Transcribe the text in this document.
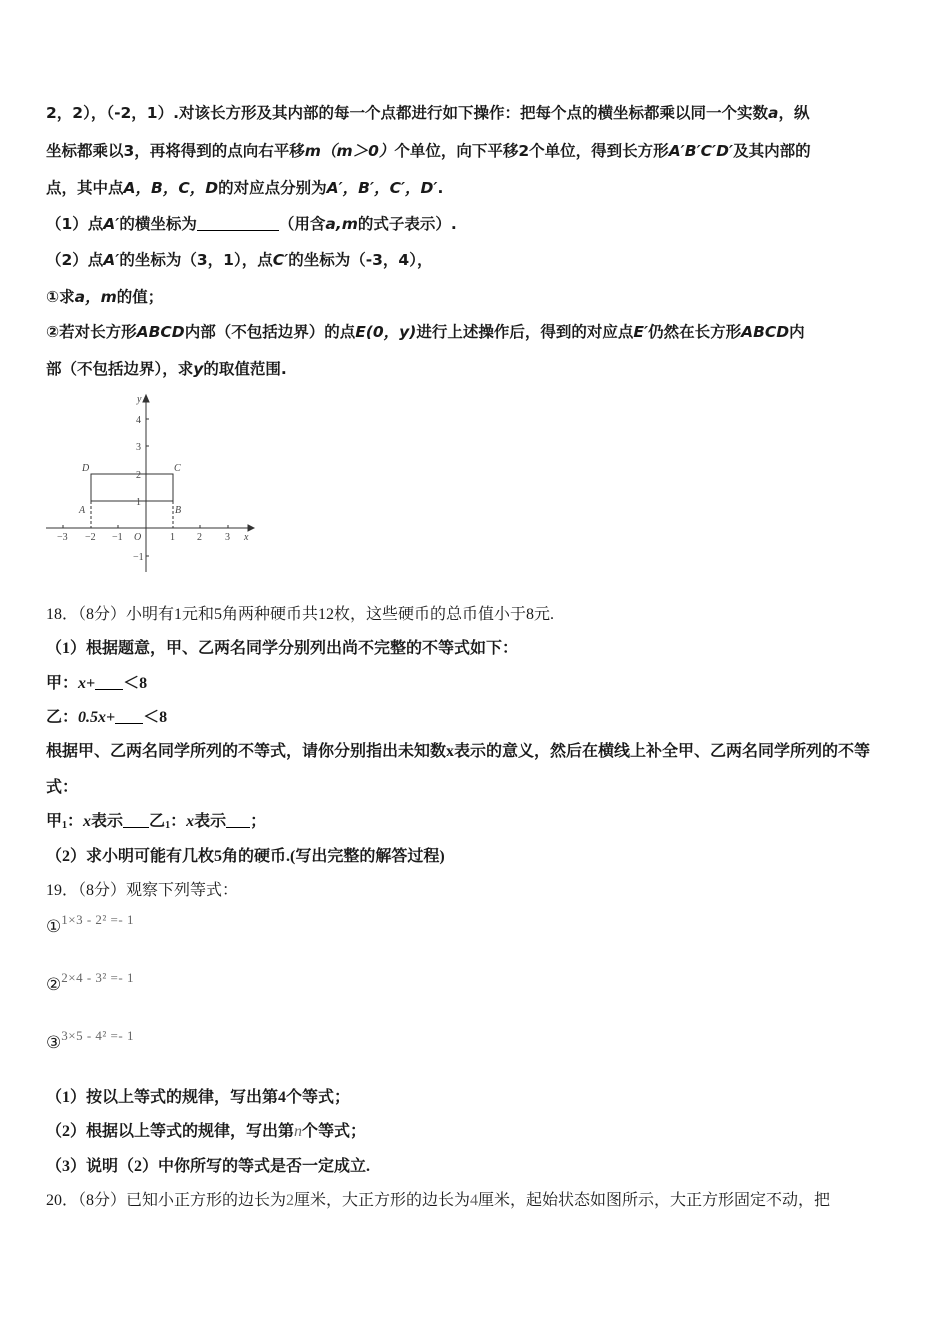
2，2），（-2，1）.对该长方形及其内部的每一个点都进行如下操作：把每个点的横坐标都乘以同一个实数a，纵
坐标都乘以3，再将得到的点向右平移m（m＞0）个单位，向下平移2个单位，得到长方形A′B′C′D′及其内部的
点，其中点A，B，C，D的对应点分别为A′，B′，C′，D′.
（1）点A′的横坐标为	（用含a,m的式子表示）.
（2）点A′的坐标为（3，1），点C′的坐标为（-3，4），
①求a，m的值；
②若对长方形ABCD内部（不包括边界）的点E(0，y)进行上述操作后，得到的对应点E′仍然在长方形ABCD内
部（不包括边界），求y的取值范围.
−3 −2 −1	1 2 3
4
3
2
1
−1
O	x
y
D	C
A	B
18．（8分）小明有1元和5角两种硬币共12枚，这些硬币的总币值小于8元.
（1）根据题意，甲、乙两名同学分别列出尚不完整的不等式如下：
甲：x+ ＜8
乙：0.5x+ ＜8
根据甲、乙两名同学所列的不等式，请你分别指出未知数x表示的意义，然后在横线上补全甲、乙两名同学所列的不等
式：
甲$_1$：x表示 乙$_1$：x表示 ；
（2）求小明可能有几枚5角的硬币.(写出完整的解答过程)
19．（8分）观察下列等式：
①$^{1\times 3 - 2^2 =- 1}$
②$^{2\times 4 - 3^2 =- 1}$
③$^{3\times 5 - 4^2 =- 1}$
（1）按以上等式的规律，写出第4个等式；
（2）根据以上等式的规律，写出第n个等式；
（3）说明（2）中你所写的等式是否一定成立.
20．（8分）已知小正方形的边长为2厘米，大正方形的边长为4厘米，起始状态如图所示，大正方形固定不动，把
